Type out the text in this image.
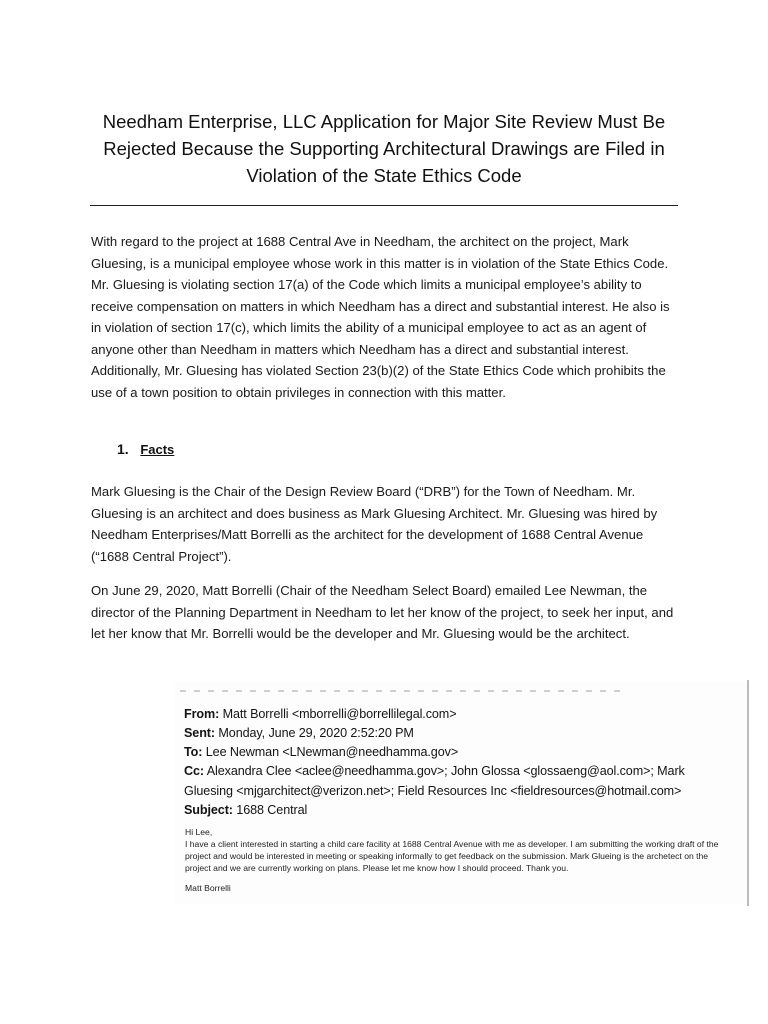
Needham Enterprise, LLC Application for Major Site Review Must Be
Rejected Because the Supporting Architectural Drawings are Filed in
Violation of the State Ethics Code
With regard to the project at 1688 Central Ave in Needham, the architect on the project, Mark Gluesing, is a municipal employee whose work in this matter is in violation of the State Ethics Code. Mr. Gluesing is violating section 17(a) of the Code which limits a municipal employee’s ability to receive compensation on matters in which Needham has a direct and substantial interest. He also is in violation of section 17(c), which limits the ability of a municipal employee to act as an agent of anyone other than Needham in matters which Needham has a direct and substantial interest. Additionally, Mr. Gluesing has violated Section 23(b)(2) of the State Ethics Code which prohibits the use of a town position to obtain privileges in connection with this matter.
1. Facts
Mark Gluesing is the Chair of the Design Review Board (“DRB”) for the Town of Needham. Mr. Gluesing is an architect and does business as Mark Gluesing Architect. Mr. Gluesing was hired by Needham Enterprises/Matt Borrelli as the architect for the development of 1688 Central Avenue (“1688 Central Project”).
On June 29, 2020, Matt Borrelli (Chair of the Needham Select Board) emailed Lee Newman, the director of the Planning Department in Needham to let her know of the project, to seek her input, and let her know that Mr. Borrelli would be the developer and Mr. Gluesing would be the architect.
From: Matt Borrelli <mborrelli@borrellilegal.com>
Sent: Monday, June 29, 2020 2:52:20 PM
To: Lee Newman <LNewman@needhamma.gov>
Cc: Alexandra Clee <aclee@needhamma.gov>; John Glossa <glossaeng@aol.com>; Mark Gluesing <mjgarchitect@verizon.net>; Field Resources Inc <fieldresources@hotmail.com>
Subject: 1688 Central
Hi Lee,
I have a client interested in starting a child care facility at 1688 Central Avenue with me as developer. I am submitting the working draft of the project and would be interested in meeting or speaking informally to get feedback on the submission. Mark Glueing is the archetect on the project and we are currently working on plans. Please let me know how I should proceed. Thank you.
Matt Borrelli
